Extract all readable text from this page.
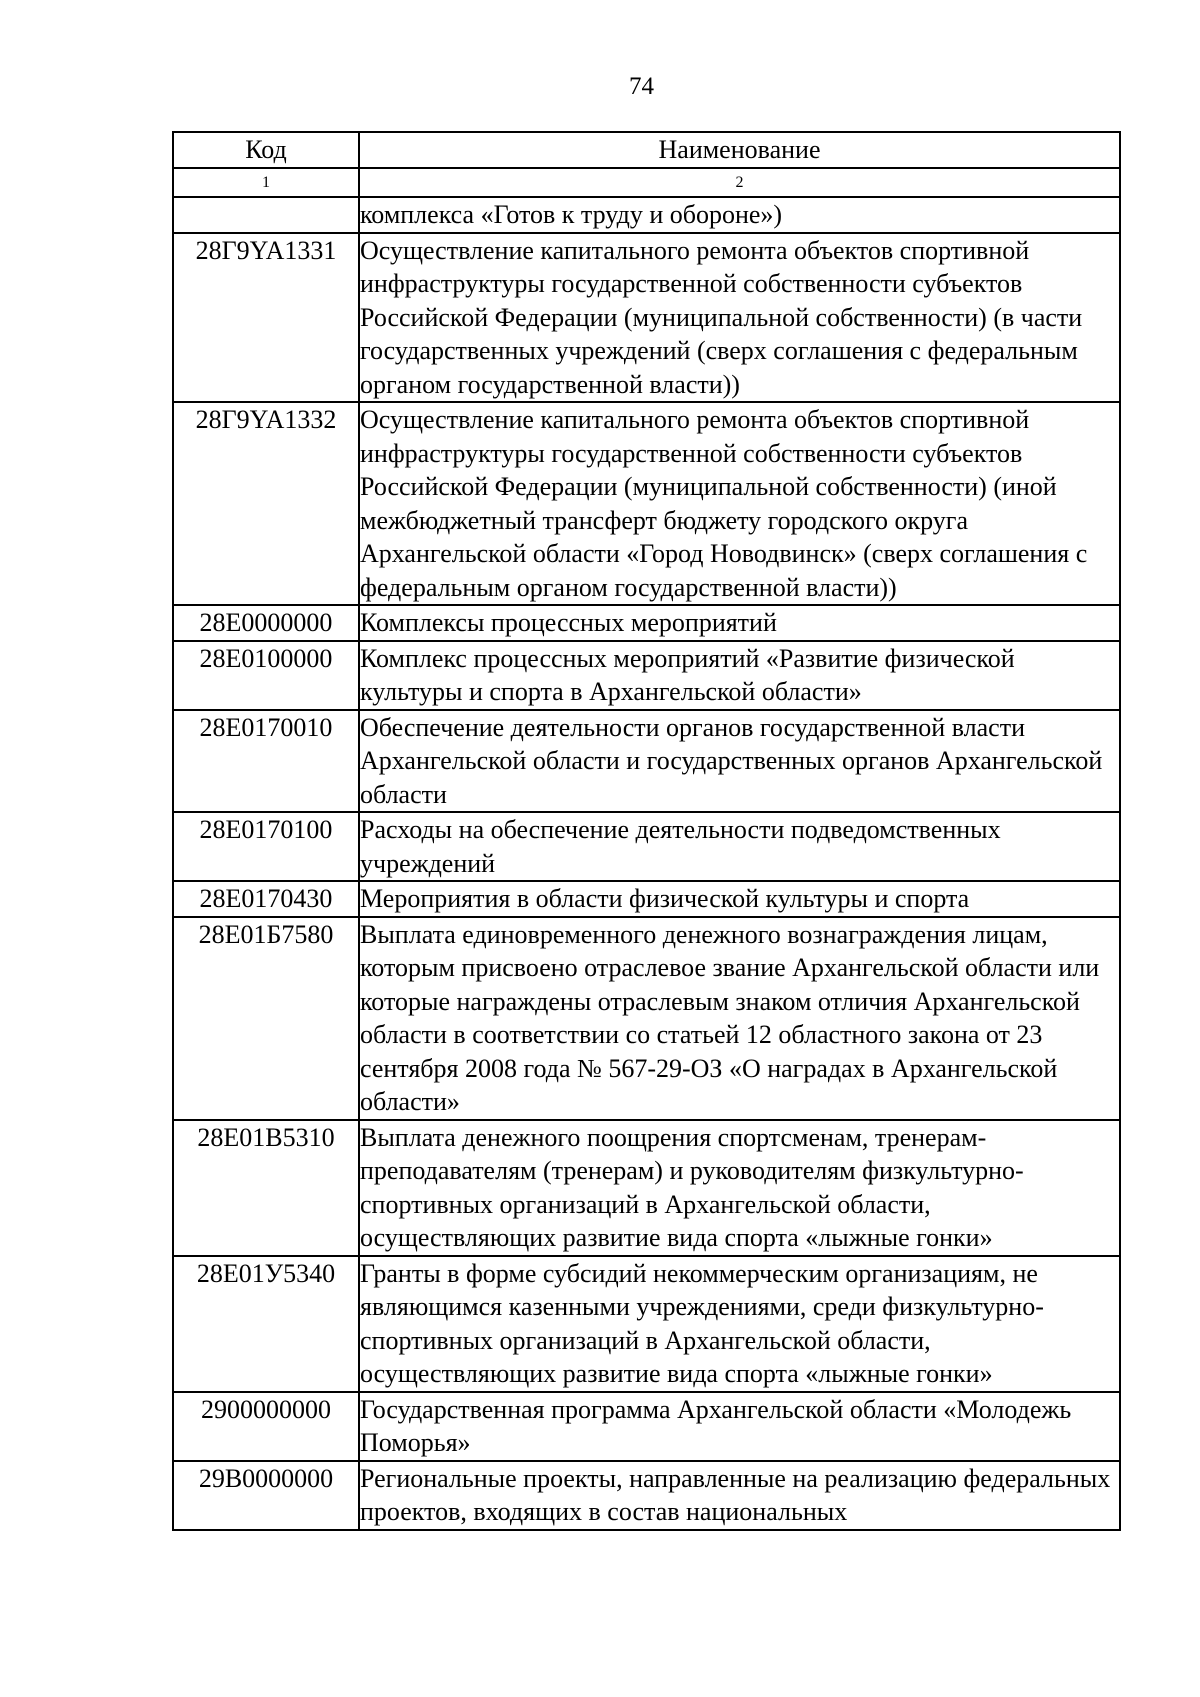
74
Код	Наименование
1	2
	комплекса «Готов к труду и обороне»)
28Г9YA1331	Осуществление капитального ремонта объектов спортивной инфраструктуры государственной собственности субъектов Российской Федерации (муниципальной собственности) (в части государственных учреждений (сверх соглашения с федеральным органом государственной власти))
28Г9YA1332	Осуществление капитального ремонта объектов спортивной инфраструктуры государственной собственности субъектов Российской Федерации (муниципальной собственности) (иной межбюджетный трансферт бюджету городского округа Архангельской области «Город Новодвинск» (сверх соглашения с федеральным органом государственной власти))
28Е0000000	Комплексы процессных мероприятий
28Е0100000	Комплекс процессных мероприятий «Развитие физической культуры и спорта в Архангельской области»
28Е0170010	Обеспечение деятельности органов государственной власти Архангельской области и государственных органов Архангельской области
28Е0170100	Расходы на обеспечение деятельности подведомственных учреждений
28Е0170430	Мероприятия в области физической культуры и спорта
28Е01Б7580	Выплата единовременного денежного вознаграждения лицам, которым присвоено отраслевое звание Архангельской области или которые награждены отраслевым знаком отличия Архангельской области в соответствии со статьей 12 областного закона от 23 сентября 2008 года № 567-29-ОЗ «О наградах в Архангельской области»
28Е01В5310	Выплата денежного поощрения спортсменам, тренерам-преподавателям (тренерам) и руководителям физкультурно-спортивных организаций в Архангельской области, осуществляющих развитие вида спорта «лыжные гонки»
28Е01У5340	Гранты в форме субсидий некоммерческим организациям, не являющимся казенными учреждениями, среди физкультурно-спортивных организаций в Архангельской области, осуществляющих развитие вида спорта «лыжные гонки»
2900000000	Государственная программа Архангельской области «Молодежь Поморья»
29В0000000	Региональные проекты, направленные на реализацию федеральных проектов, входящих в состав национальных
